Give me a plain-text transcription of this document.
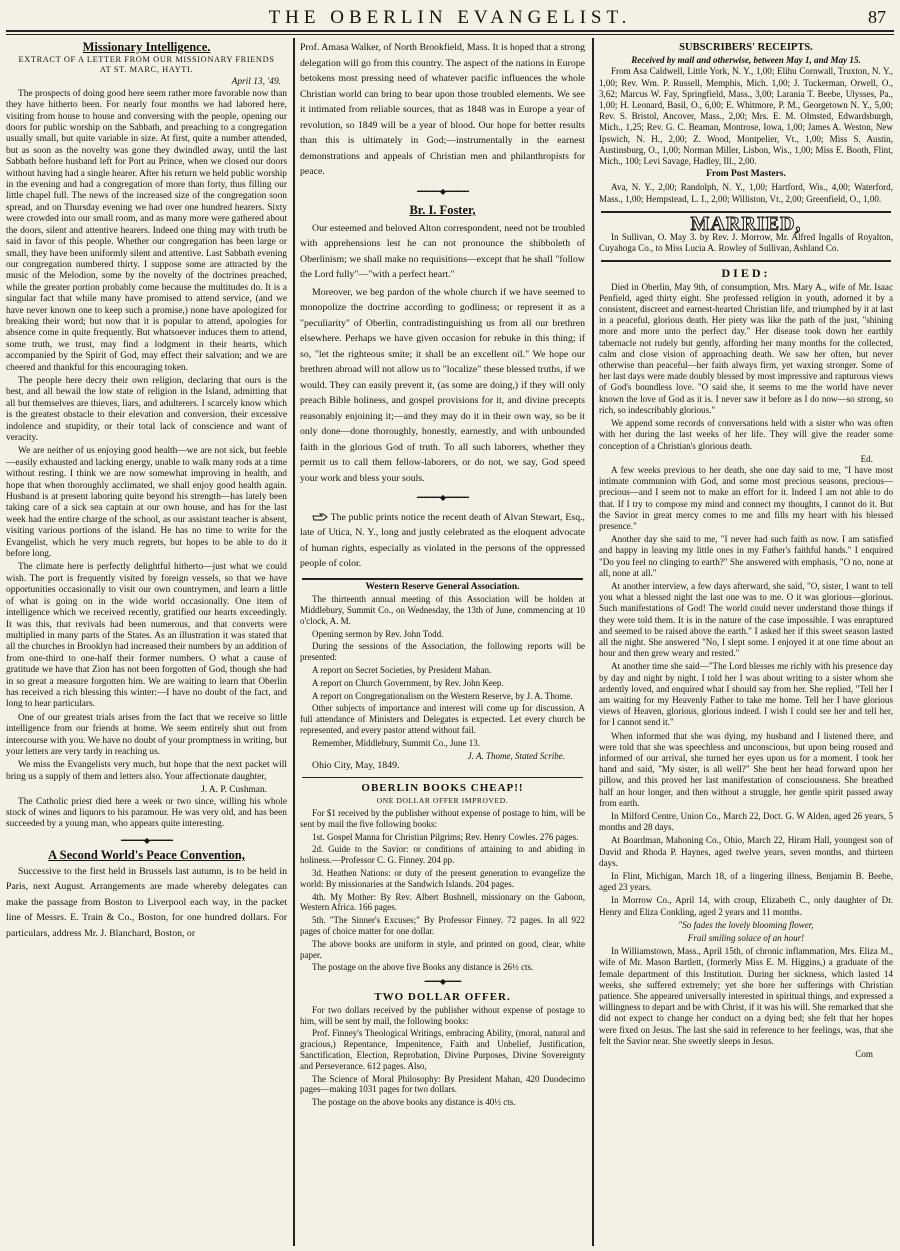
THE OBERLIN EVANGELIST.	87
Missionary Intelligence.
EXTRACT OF A LETTER FROM OUR MISSIONARY FRIENDS AT ST. MARC, HAYTI.
April 13, '49.

The prospects of doing good here seem rather more favorable now than they have hitherto been. For nearly four months we had labored here, visiting from house to house and conversing with the people, opening our doors for public worship on the Sabbath, and preaching to a congregation usually small, but quite variable in size. At first, quite a number attended, but as soon as the novelty was gone they dwindled away, until the last Sabbath before husband left for Port au Prince, when we closed our doors without having had a single hearer. After his return we held public worship in the evening and had a congregation of more than forty, thus filling our little chapel full. The news of the increased size of the congregation soon spread, and on Thursday evening we had over one hundred hearers. Sixty were crowded into our small room, and as many more were gathered about the doors, silent and attentive hearers. Indeed one thing may with truth be said in favor of this people. Whether our congregation has been large or small, they have been uniformly silent and attentive. Last Sabbath evening our congregation numbered thirty. I suppose some are attracted by the music of the Melodion, some by the novelty of the doctrines preached, while the greater portion probably come because the multitudes do. It is a singular fact that while many have promised to attend service, (and we have never known one to keep such a promise,) none have apologized for breaking their word; but now that it is popular to attend, apologies for absence come in quite frequently. But whatsoever induces them to attend, some truth, we trust, may find a lodgment in their hearts, which accompanied by the Spirit of God, may effect their salvation; and we are cheered and thankful for this encouraging token.

The people here decry their own religion, declaring that ours is the best, and all bewail the low state of religion in the Island, admitting that all but themselves are thieves, liars, and adulterers. I scarcely know which is the greatest obstacle to their elevation and conversion, their excessive indolence and stupidity, or their total lack of conscience and want of veracity.

We are neither of us enjoying good health—we are not sick, but feeble—easily exhausted and lacking energy, unable to walk many rods at a time without resting. I think we are now somewhat improving in health, and hope that when thoroughly acclimated, we shall enjoy good health again. Husband is at present laboring quite beyond his strength—has lately been taking care of a sick sea captain at our own house, and has for the last week had the entire charge of the school, as our assistant teacher is absent, visiting various portions of the island. He has no time to write for the Evangelist, which he very much regrets, but hopes to be able to do it before long.

The climate here is perfectly delightful hitherto—just what we could wish. The port is frequently visited by foreign vessels, so that we have opportunities occasionally to visit our own countrymen, and learn a little of what is going on in the wide world occasionally. One item of intelligence which we received recently, gratified our hearts exceedingly. It was this, that revivals had been numerous, and that converts were multiplied in many parts of the States. As an illustration it was stated that all the churches in Brooklyn had increased their numbers by an addition of from one-third to one-half their former numbers. O what a cause of gratitude we have that Zion has not been forgotten of God, though she had in so great a measure forgotten him. We are waiting to learn that Oberlin has received a rich blessing this winter:—I have no doubt of the fact, and long to hear particulars.

One of our greatest trials arises from the fact that we receive so little intelligence from our friends at home. We seem entirely shut out from intercourse with you. We have no doubt of your promptness in writing, but your letters are very tardy in reaching us.

We miss the Evangelists very much, but hope that the next packet will bring us a supply of them and letters also. Your affectionate daughter,

J. A. P. Cushman.

The Catholic priest died here a week or two since, willing his whole stock of wines and liquors to his paramour. He was very old, and has been succeeded by a young man, who appears quite interesting.

━━━━━━◆━━━━━━
A Second World's Peace Convention,

Successive to the first held in Brussels last autumn, is to be held in Paris, next August. Arrangements are made whereby delegates can make the passage from Boston to Liverpool each way, in the packet line of Messrs. E. Train & Co., Boston, for one hundred dollars. For particulars, address Mr. J. Blanchard, Boston, or

Prof. Amasa Walker, of North Brookfield, Mass. It is hoped that a strong delegation will go from this country. The aspect of the nations in Europe betokens most pressing need of whatever pacific influences the whole Christian world can bring to bear upon those troubled elements. We see it intimated from reliable sources, that as 1848 was in Europe a year of revolution, so 1849 will be a year of blood. Our hope for better results than this is ultimately in God;—instrumentally in the earnest demonstrations and appeals of Christian men and philanthropists for peace.

━━━━━━◆━━━━━━
Br. I. Foster,

Our esteemed and beloved Alton correspondent, need not be troubled with apprehensions lest he can not pronounce the shibboleth of Oberlinism; we shall make no requisitions—except that he shall "follow the Lord fully"—"with a perfect heart."

Moreover, we beg pardon of the whole church if we have seemed to monopolize the doctrine according to godliness; or represent it as a "peculiarity" of Oberlin, contradistinguishing us from all our brethren elsewhere. Perhaps we have given occasion for rebuke in this thing; if so, "let the righteous smite; it shall be an excellent oil." We hope our brethren abroad will not allow us to "localize" these blessed truths, if we would. They can easily prevent it, (as some are doing,) if they will only preach Bible holiness, and gospel provisions for it, and divine precepts reasonably enjoining it;—and they may do it in their own way, so be it only done—done thoroughly, honestly, earnestly, and with unbounded faith in the glorious God of truth. To all such laborers, whether they permit us to call them fellow-laborers, or do not, we say, God speed your work and bless your souls.

━━━━━━◆━━━━━━

The public prints notice the recent death of Alvan Stewart, Esq., late of Utica, N. Y., long and justly celebrated as the eloquent advocate of human rights, especially as violated in the persons of the oppressed people of color.

Western Reserve General Association.

The thirteenth annual meeting of this Association will be holden at Middlebury, Summit Co., on Wednesday, the 13th of June, commencing at 10 o'clock, A. M.

Opening sermon by Rev. John Todd.

During the sessions of the Association, the following reports will be presented:

A report on Secret Societies, by President Mahan.

A report on Church Government, by Rev. John Keep.

A report on Congregationalism on the Western Reserve, by J. A. Thome.

Other subjects of importance and interest will come up for discussion. A full attendance of Ministers and Delegates is expected. Let every church be represented, and every pastor attend without fail.

Remember, Middlebury, Summit Co., June 13.

J. A. Thome, Stated Scribe.

Ohio City, May, 1849.

OBERLIN BOOKS CHEAP!!
ONE DOLLAR OFFER IMPROVED.

For $1 received by the publisher without expense of postage to him, will be sent by mail the five following books:

1st. Gospel Manna for Christian Pilgrims; Rev. Henry Cowles. 276 pages.

2d. Guide to the Savior: or conditions of attaining to and abiding in holiness.—Professor C. G. Finney. 204 pp.

3d. Heathen Nations: or duty of the present generation to evangelize the world: By missionaries at the Sandwich Islands. 204 pages.

4th. My Mother: By Rev. Albert Bushnell, missionary on the Gaboon, Western Africa. 166 pages.

5th. "The Sinner's Excuses;" By Professor Finney. 72 pages. In all 922 pages of choice matter for one dollar.

The above books are uniform in style, and printed on good, clear, white paper.

The postage on the above five Books any distance is 26½ cts.

━━━━◆━━━━
TWO DOLLAR OFFER.

For two dollars received by the publisher without expense of postage to him, will be sent by mail, the following books:

Prof. Finney's Theological Writings, embracing Ability, (moral, natural and gracious,) Repentance, Impenitence, Faith and Unbelief, Justification, Sanctification, Election, Reprobation, Divine Purposes, Divine Sovereignty and Perseverance. 612 pages. Also,

The Science of Moral Philosophy: By President Mahan, 420 Duodecimo pages—making 1031 pages for two dollars.

The postage on the above books any distance is 40½ cts.

SUBSCRIBERS' RECEIPTS.
Received by mail and otherwise, between May 1, and May 15.

From Asa Caldwell, Little York, N. Y., 1,00; Elihu Cornwall, Truxton, N. Y., 1,00; Rev. Wm. P. Russell, Memphis, Mich. 1,00; J. Tuckerman, Orwell, O., 3,62; Marcus W. Fay, Springfield, Mass., 3,00; Larania T. Beebe, Ulysses, Pa., 1,00; H. Leonard, Basil, O., 6,00; E. Whitmore, P. M., Georgetown N. Y., 5,00; Rev. S. Bristol, Ancover, Mass., 2,00; Mrs. E. M. Olmsted, Edwardsburgh, Mich., 1,25; Rev. G. C. Beaman, Montrose, Iowa, 1,00; James A. Weston, New Ipswich, N. H., 2,00; Z. Wood, Montpelier, Vt., 1,00; Miss S. Austin, Austinsburg, O., 1,00; Norman Miller, Lisbon, Wis., 1,00; Miss E. Booth, Flint, Mich., 100; Levi Savage, Hadley, Ill., 2,00.

From Post Masters.

Ava, N. Y., 2,00; Randolph, N. Y., 1,00; Hartford, Wis., 4,00; Waterford, Mass., 1,00; Hempstead, L. I., 2,00; Williston, Vt., 2,00; Greenfield, O., 1,00.

MARRIED,

In Sullivan, O. May 3. by Rev. J. Morrow, Mr. Alfred Ingalls of Royalton, Cuyahoga Co., to Miss Lucia A. Rowley of Sullivan, Ashland Co.

DIED:

Died in Oberlin, May 9th, of consumption, Mrs. Mary A., wife of Mr. Isaac Penfield, aged thirty eight. She professed religion in youth, adorned it by a consistent, discreet and earnest-hearted Christian life, and triumphed by it at last in a peaceful, glorious death. Her piety was like the path of the just, "shining more and more unto the perfect day." Her disease took down her earthly tabernacle not rudely but gently, affording her many months for the collected, calm and close vision of approaching death. We saw her often, but never otherwise than peaceful—her faith always firm, yet waxing stronger. Some of her last days were made doubly blessed by most impressive and rapturous views of God's boundless love. "O said she, it seems to me the world have never known the love of God as it is. I never saw it before as I do now—so strong, so rich, so indescribably glorious."

We append some records of conversations held with a sister who was often with her during the last weeks of her life. They will give the reader some conception of a Christian's glorious death.

Ed.

A few weeks previous to her death, she one day said to me, "I have most intimate communion with God, and some most precious seasons, precious—precious—and I seem not to make an effort for it. Indeed I am not able to do that. If I try to compose my mind and connect my thoughts, I cannot do it. But the Savior in great mercy comes to me and fills my heart with his blessed presence."

Another day she said to me, "I never had such faith as now. I am satisfied and happy in leaving my little ones in my Father's faithful hands." I enquired "Do you feel no clinging to earth?" She answered with emphasis, "O no, none at all, none at all."

At another interview, a few days afterward, she said, "O, sister, I want to tell you what a blessed night the last one was to me. O it was glorious—glorious. Such manifestations of God! The world could never understand those things if they were told them. It is in the nature of the case impossible. I was enraptured and seemed to be raised above the earth." I asked her if this sweet season lasted all the night. She answered "No, I slept some. I enjoyed it at one time about an hour and then grew weary and rested."

At another time she said—"The Lord blesses me richly with his presence day by day and night by night. I told her I was about writing to a sister whom she ardently loved, and enquired what I should say from her. She replied, "Tell her I am waiting for my Heavenly Father to take me home. Tell her I have glorious views of Heaven, glorious, glorious indeed. I wish I could see her and tell her, for I cannot send it."

When informed that she was dying, my husband and I listened there, and were told that she was speechless and unconscious, but upon being roused and informed of our arrival, she turned her eyes upon us for a moment. I took her hand and said, "My sister, is all well?" She bent her head forward upon her pillow, and this proved her last manifestation of consciousness. She breathed half an hour longer, and then without a struggle, her gentle spirit passed away from earth.

In Milford Centre, Union Co., March 22, Doct. G. W Alden, aged 26 years, 5 months and 28 days.

At Boardman, Mahoning Co., Ohio, March 22, Hiram Hall, youngest son of David and Rhoda P. Haynes, aged twelve years, seven months, and thirteen days.

In Flint, Michigan, March 18, of a lingering illness, Benjamin B. Beebe, aged 23 years.

In Morrow Co., April 14, with croup, Elizabeth C., only daughter of Dr. Henry and Eliza Conkling, aged 2 years and 11 months.

"So fades the lovely blooming flower,

Frail smiling solace of an hour!

In Williamstown, Mass., April 15th, of chronic inflammation, Mrs. Eliza M., wife of Mr. Mason Bartlett, (formerly Miss E. M. Higgins,) a graduate of the female department of this Institution. During her sickness, which lasted 14 weeks, she suffered extremely; yet she bore her sufferings with Christian patience. She appeared universally interested in spiritual things, and expressed a willingness to depart and be with Christ, if it was his will. She remarked that she did not expect to change her conduct on a dying bed; she felt that her hopes were fixed on Jesus. The last she said in reference to her feelings, was, that she felt the Savior near. She sweetly sleeps in Jesus.

Com
